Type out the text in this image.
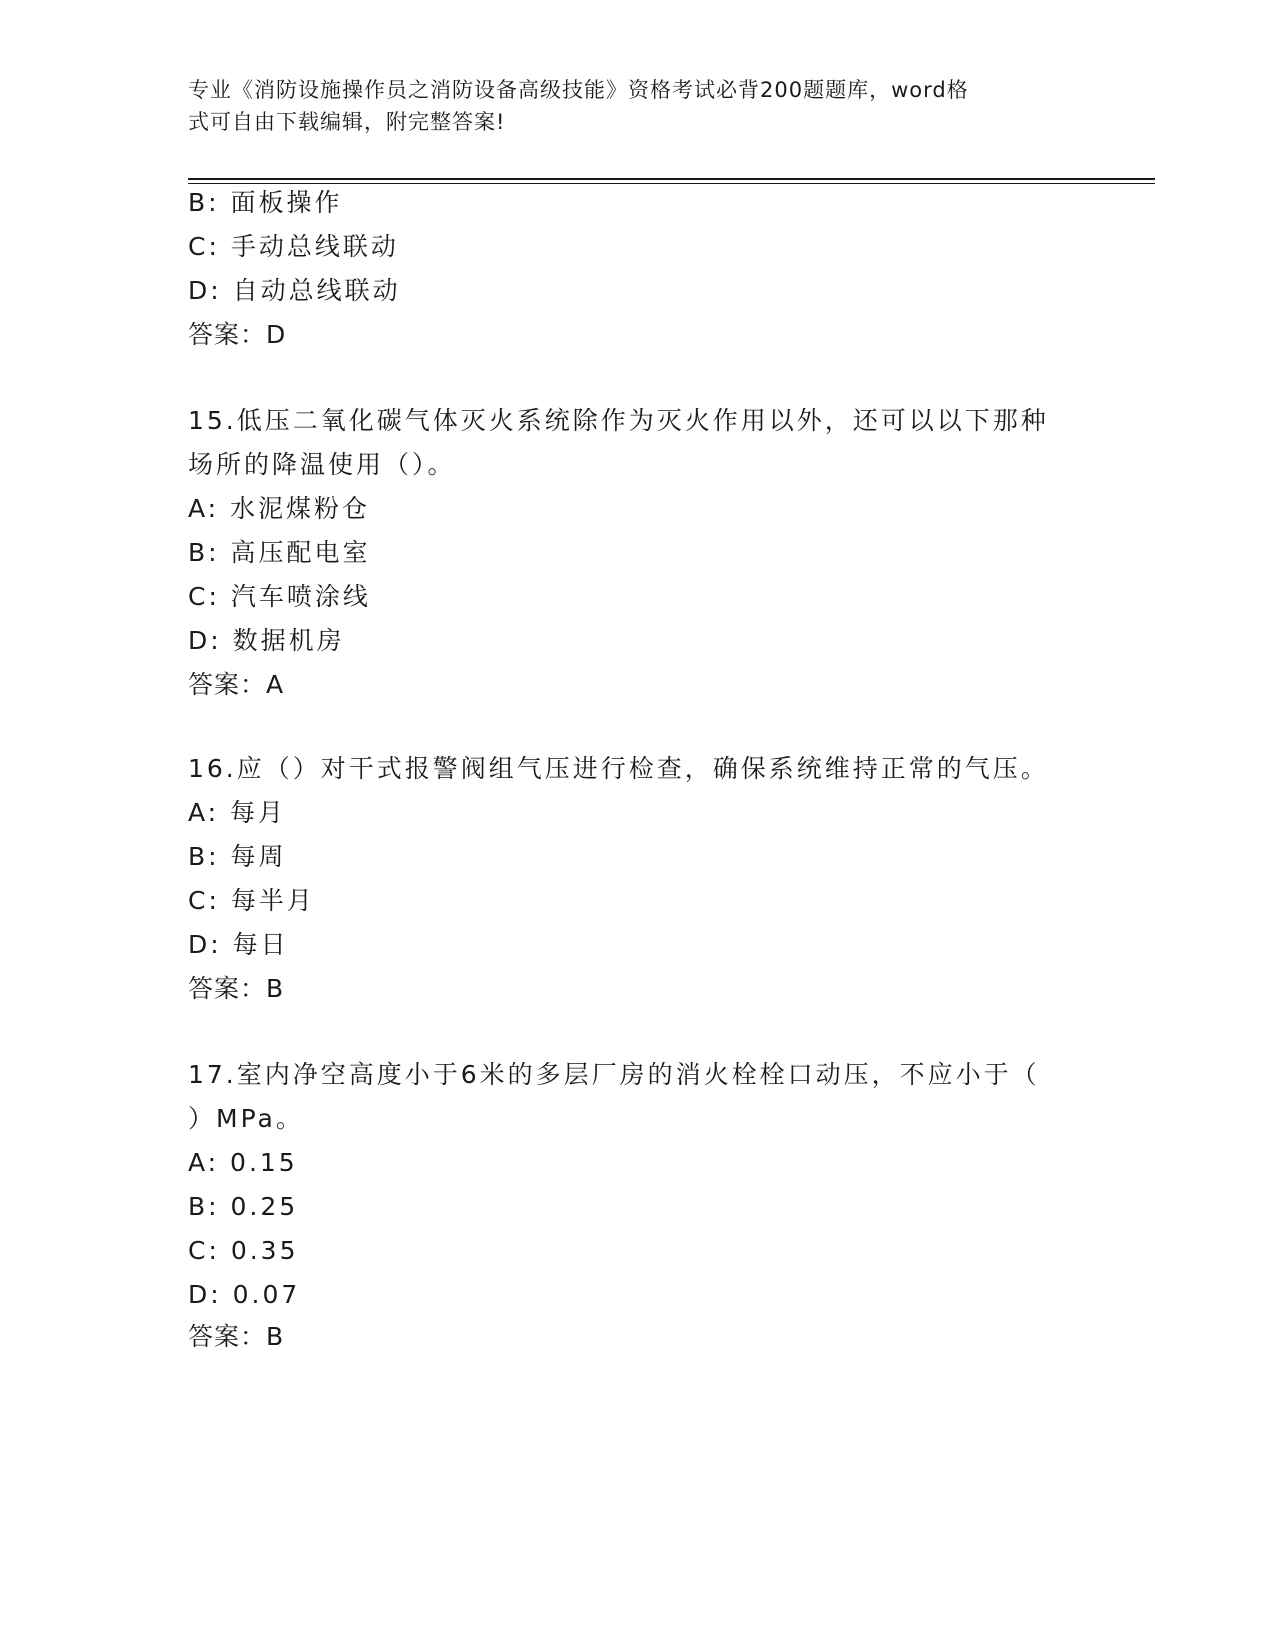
专业《消防设施操作员之消防设备高级技能》资格考试必背200题题库，word格
式可自由下载编辑，附完整答案!
B: 面板操作
C: 手动总线联动
D: 自动总线联动
答案：D
15.低压二氧化碳气体灭火系统除作为灭火作用以外，还可以以下那种
场所的降温使用（）。
A: 水泥煤粉仓
B: 高压配电室
C: 汽车喷涂线
D: 数据机房
答案：A
16.应（）对干式报警阀组气压进行检查，确保系统维持正常的气压。
A: 每月
B: 每周
C: 每半月
D: 每日
答案：B
17.室内净空高度小于6米的多层厂房的消火栓栓口动压，不应小于（
）MPa。
A: 0.15
B: 0.25
C: 0.35
D: 0.07
答案：B
